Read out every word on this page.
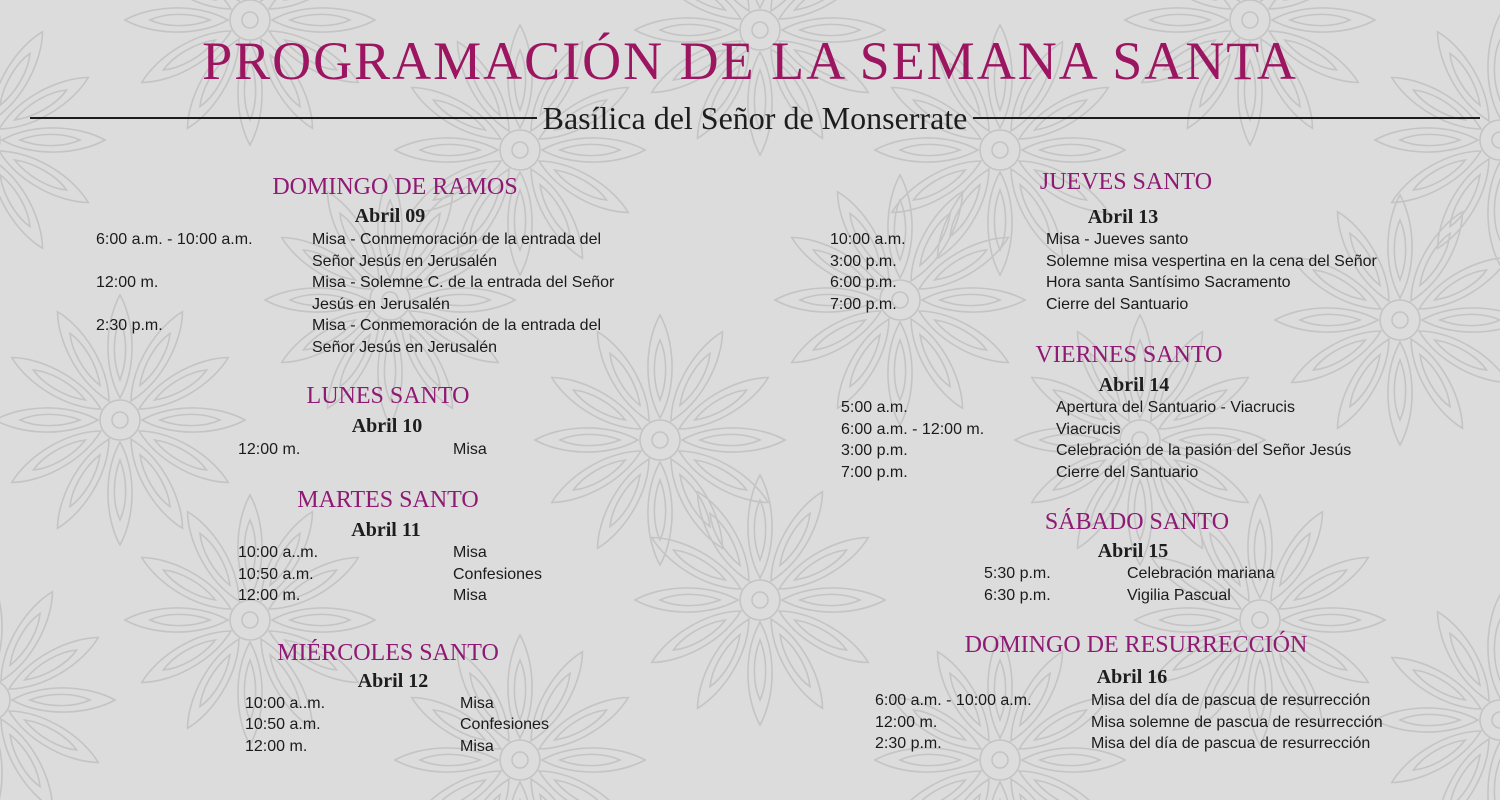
PROGRAMACIÓN DE LA SEMANA SANTA
Basílica del Señor de Monserrate
DOMINGO DE RAMOS
Abril 09
6:00 a.m. - 10:00 a.m.	Misa - Conmemoración de la entrada del
Señor Jesús en Jerusalén
12:00 m.	Misa - Solemne C. de la entrada del Señor
Jesús en Jerusalén
2:30 p.m.	Misa - Conmemoración de la entrada del
Señor Jesús en Jerusalén
LUNES SANTO
Abril 10
12:00 m.	Misa
MARTES SANTO
Abril 11
10:00 a..m.	Misa
10:50 a.m.	Confesiones
12:00 m.	Misa
MIÉRCOLES SANTO
Abril 12
10:00 a..m.	Misa
10:50 a.m.	Confesiones
12:00 m.	Misa
JUEVES SANTO
Abril 13
10:00 a.m.	Misa - Jueves santo
3:00 p.m.	Solemne misa vespertina en la cena del Señor
6:00 p.m.	Hora santa Santísimo Sacramento
7:00 p.m.	Cierre del Santuario
VIERNES SANTO
Abril 14
5:00 a.m.	Apertura del Santuario - Viacrucis
6:00 a.m. - 12:00 m.	Viacrucis
3:00 p.m.	Celebración de la pasión del Señor Jesús
7:00 p.m.	Cierre del Santuario
SÁBADO SANTO
Abril 15
5:30 p.m.	Celebración mariana
6:30 p.m.	Vigilia Pascual
DOMINGO DE RESURRECCIÓN
Abril 16
6:00 a.m. - 10:00 a.m.	Misa del día de pascua de resurrección
12:00 m.	Misa solemne de pascua de resurrección
2:30 p.m.	Misa del día de pascua de resurrección
